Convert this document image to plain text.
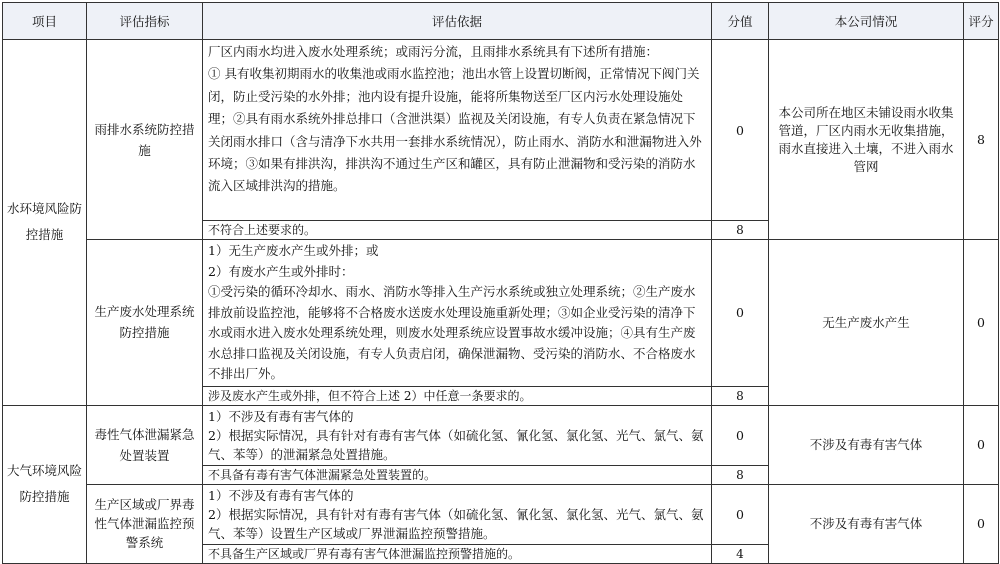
项目	评估指标	评估依据	分值	本公司情况	评分
水环境风险防控措施	雨排水系统防控措施	厂区内雨水均进入废水处理系统；或雨污分流，且雨排水系统具有下述所有措施：

① 具有收集初期雨水的收集池或雨水监控池；池出水管上设置切断阀，正常情况下阀门关闭，防止受污染的水外排；池内设有提升设施，能将所集物送至厂区内污水处理设施处理；②具有雨水系统外排总排口（含泄洪渠）监视及关闭设施，有专人负责在紧急情况下关闭雨水排口（含与清净下水共用一套排水系统情况），防止雨水、消防水和泄漏物进入外环境；③如果有排洪沟，排洪沟不通过生产区和罐区，具有防止泄漏物和受污染的消防水流入区域排洪沟的措施。	0	本公司所在地区未铺设雨水收集管道，厂区内雨水无收集措施，雨水直接进入土壤，不进入雨水管网	8
		不符合上述要求的。	8		
	生产废水处理系统防控措施	1）无生产废水产生或外排；或

2）有废水产生或外排时：

①受污染的循环冷却水、雨水、消防水等排入生产污水系统或独立处理系统；②生产废水排放前设监控池，能够将不合格废水送废水处理设施重新处理；③如企业受污染的清净下水或雨水进入废水处理系统处理，则废水处理系统应设置事故水缓冲设施；④具有生产废水总排口监视及关闭设施，有专人负责启闭，确保泄漏物、受污染的消防水、不合格废水不排出厂外。	0	无生产废水产生	0
		涉及废水产生或外排，但不符合上述 2）中任意一条要求的。	8		
大气环境风险防控措施	毒性气体泄漏紧急处置装置	1）不涉及有毒有害气体的

2）根据实际情况，具有针对有毒有害气体（如硫化氢、氰化氢、氯化氢、光气、氯气、氨气、苯等）的泄漏紧急处置措施。	0	不涉及有毒有害气体	0
		不具备有毒有害气体泄漏紧急处置装置的。	8		
	生产区域或厂界毒性气体泄漏监控预警系统	1）不涉及有毒有害气体的

2）根据实际情况，具有针对有毒有害气体（如硫化氢、氰化氢、氯化氢、光气、氯气、氨气、苯等）设置生产区域或厂界泄漏监控预警措施。	0	不涉及有毒有害气体	0
		不具备生产区域或厂界有毒有害气体泄漏监控预警措施的。	4		
